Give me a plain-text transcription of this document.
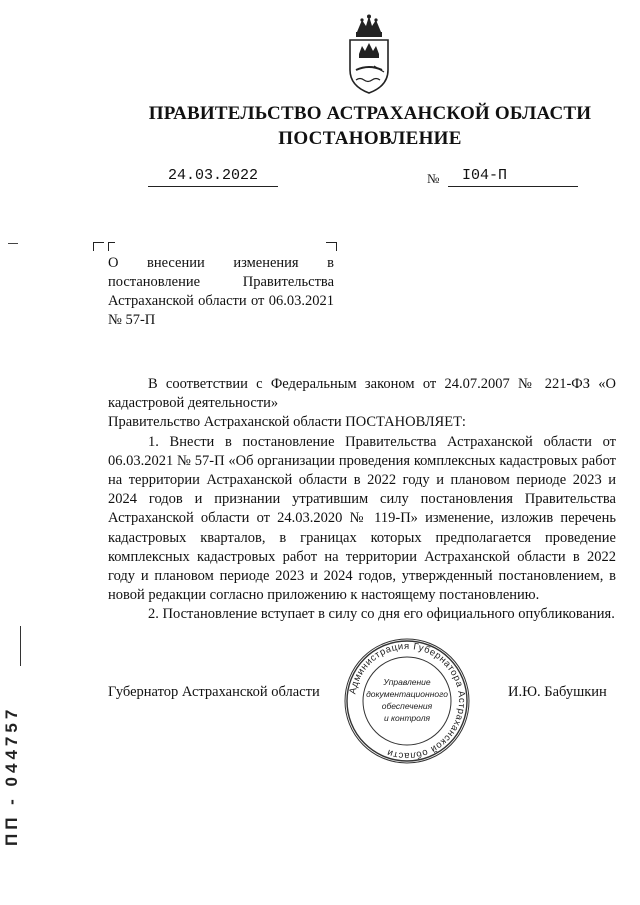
ПРАВИТЕЛЬСТВО АСТРАХАНСКОЙ ОБЛАСТИ
ПОСТАНОВЛЕНИЕ
24.03.2022	№	I04-П
О внесении изменения в постановление Правительства Астраханской области от 06.03.2021 № 57-П

В соответствии с Федеральным законом от 24.07.2007 № 221-ФЗ «О кадастровой деятельности»

Правительство Астраханской области ПОСТАНОВЛЯЕТ:

1. Внести в постановление Правительства Астраханской области от 06.03.2021 № 57-П «Об организации проведения комплексных кадастровых работ на территории Астраханской области в 2022 году и плановом периоде 2023 и 2024 годов и признании утратившим силу постановления Правительства Астраханской области от 24.03.2020 № 119-П» изменение, изложив перечень кадастровых кварталов, в границах которых предполагается проведение комплексных кадастровых работ на территории Астраханской области в 2022 году и плановом периоде 2023 и 2024 годов, утвержденный постановлением, в новой редакции согласно приложению к настоящему постановлению.

2. Постановление вступает в силу со дня его официального опубликования.

Губернатор Астраханской области	Администрация Губернатора Астраханской области
Управление
документационного
обеспечения
и контроля
И.Ю. Бабушкин
ПП - 044757
